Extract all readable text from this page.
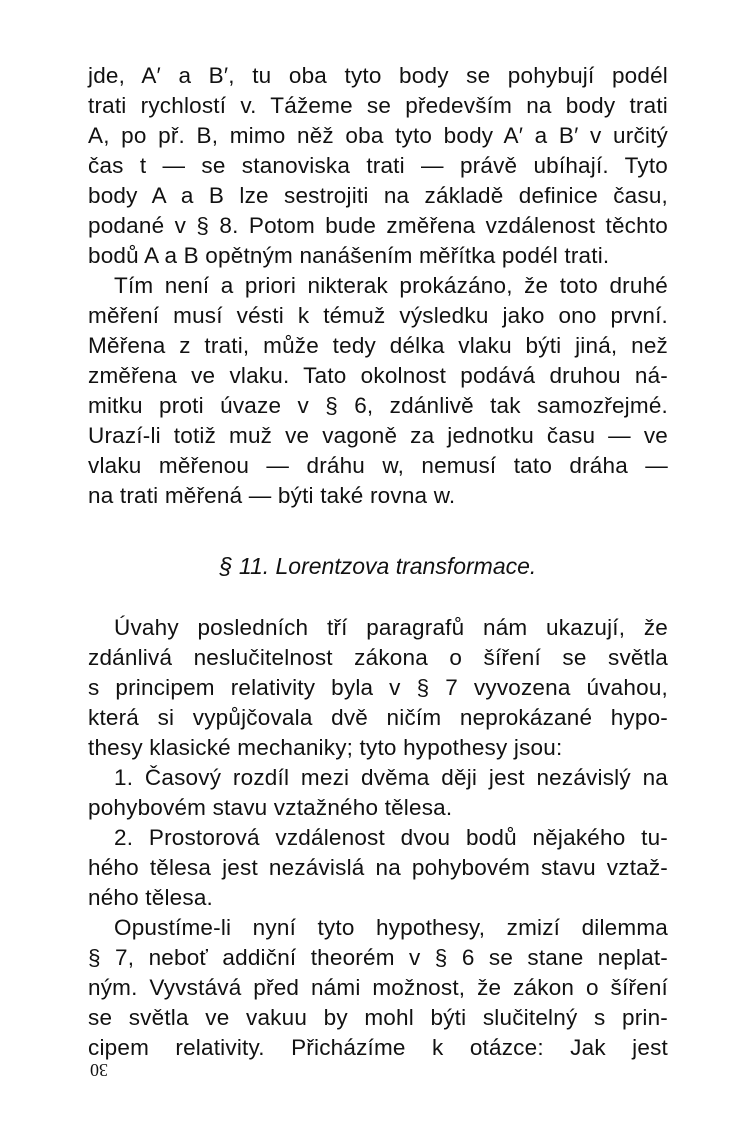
jde, A′ a B′, tu oba tyto body se pohybují podél
trati rychlostí v. Tážeme se především na body trati
A, po př. B, mimo něž oba tyto body A′ a B′ v určitý
čas t — se stanoviska trati — právě ubíhají. Tyto
body A a B lze sestrojiti na základě definice času,
podané v § 8. Potom bude změřena vzdálenost těchto
bodů A a B opětným nanášením měřítka podél trati.
Tím není a priori nikterak prokázáno, že toto druhé
měření musí vésti k témuž výsledku jako ono první.
Měřena z trati, může tedy délka vlaku býti jiná, než
změřena ve vlaku. Tato okolnost podává druhou ná-
mitku proti úvaze v § 6, zdánlivě tak samozřejmé.
Urazí-li totiž muž ve vagoně za jednotku času — ve
vlaku měřenou — dráhu w, nemusí tato dráha —
na trati měřená — býti také rovna w.
§ 11. Lorentzova transformace.
Úvahy posledních tří paragrafů nám ukazují, že
zdánlivá neslučitelnost zákona o šíření se světla
s principem relativity byla v § 7 vyvozena úvahou,
která si vypůjčovala dvě ničím neprokázané hypo-
thesy klasické mechaniky; tyto hypothesy jsou:
1. Časový rozdíl mezi dvěma ději jest nezávislý na
pohybovém stavu vztažného tělesa.
2. Prostorová vzdálenost dvou bodů nějakého tu-
hého tělesa jest nezávislá na pohybovém stavu vztaž-
ného tělesa.
Opustíme-li nyní tyto hypothesy, zmizí dilemma
§ 7, neboť addiční theorém v § 6 se stane neplat-
ným. Vyvstává před námi možnost, že zákon o šíření
se světla ve vakuu by mohl býti slučitelný s prin-
cipem relativity. Přicházíme k otázce: Jak jest
30
